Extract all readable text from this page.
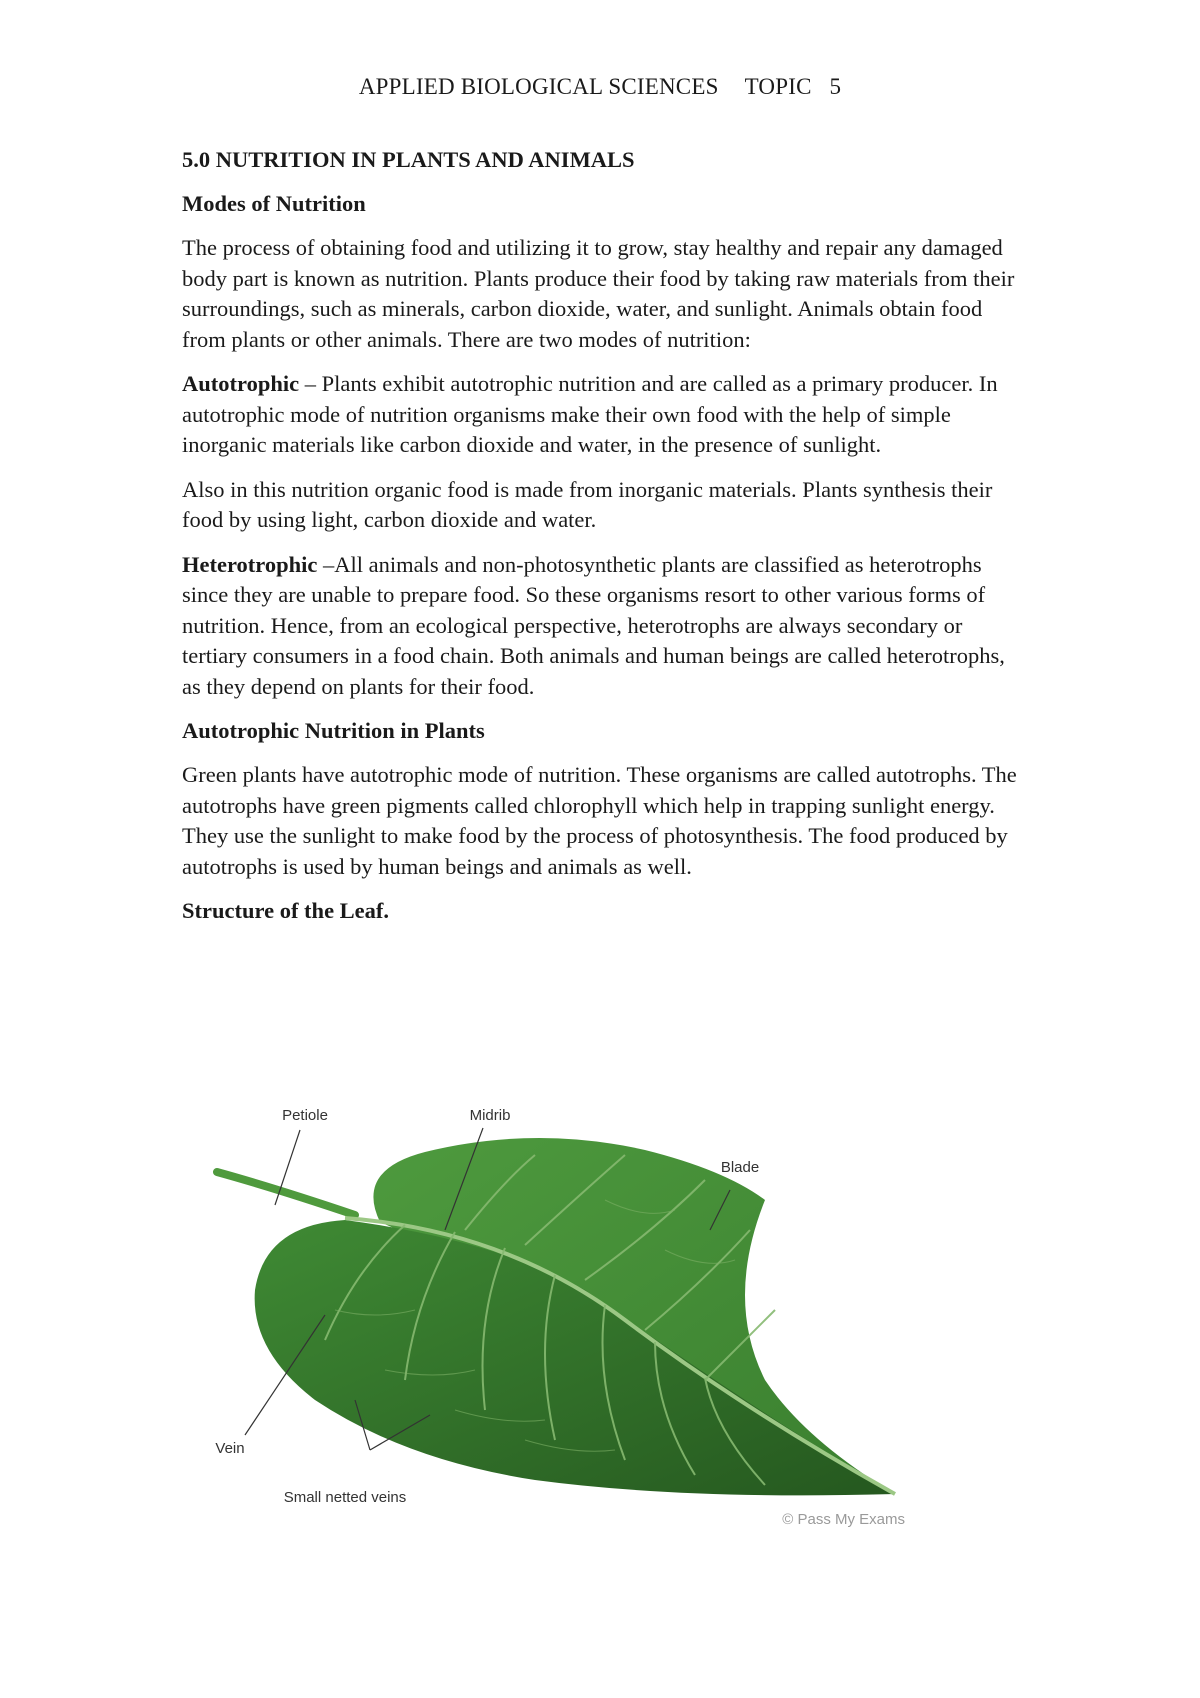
APPLIED BIOLOGICAL SCIENCES TOPIC   5
5.0 NUTRITION IN PLANTS AND ANIMALS
Modes of Nutrition

The process of obtaining food and utilizing it to grow, stay healthy and repair any damaged body part is known as nutrition. Plants produce their food by taking raw materials from their surroundings, such as minerals, carbon dioxide, water, and sunlight. Animals obtain food from plants or other animals. There are two modes of nutrition:

Autotrophic – Plants exhibit autotrophic nutrition and are called as a primary producer. In autotrophic mode of nutrition organisms make their own food with the help of simple inorganic materials like carbon dioxide and water, in the presence of sunlight.

Also in this nutrition organic food is made from inorganic materials. Plants synthesis their food by using light, carbon dioxide and water.

Heterotrophic –All animals and non-photosynthetic plants are classified as heterotrophs since they are unable to prepare food. So these organisms resort to other various forms of nutrition. Hence, from an ecological perspective, heterotrophs are always secondary or tertiary consumers in a food chain. Both animals and human beings are called heterotrophs, as they depend on plants for their food.

Autotrophic Nutrition in Plants

Green plants have autotrophic mode of nutrition. These organisms are called autotrophs. The autotrophs have green pigments called chlorophyll which help in trapping sunlight energy. They use the sunlight to make food by the process of photosynthesis. The food produced by autotrophs is used by human beings and animals as well.

Structure of the Leaf.
Petiole	Midrib
Blade
Vein
Small netted veins
© Pass My Exams
